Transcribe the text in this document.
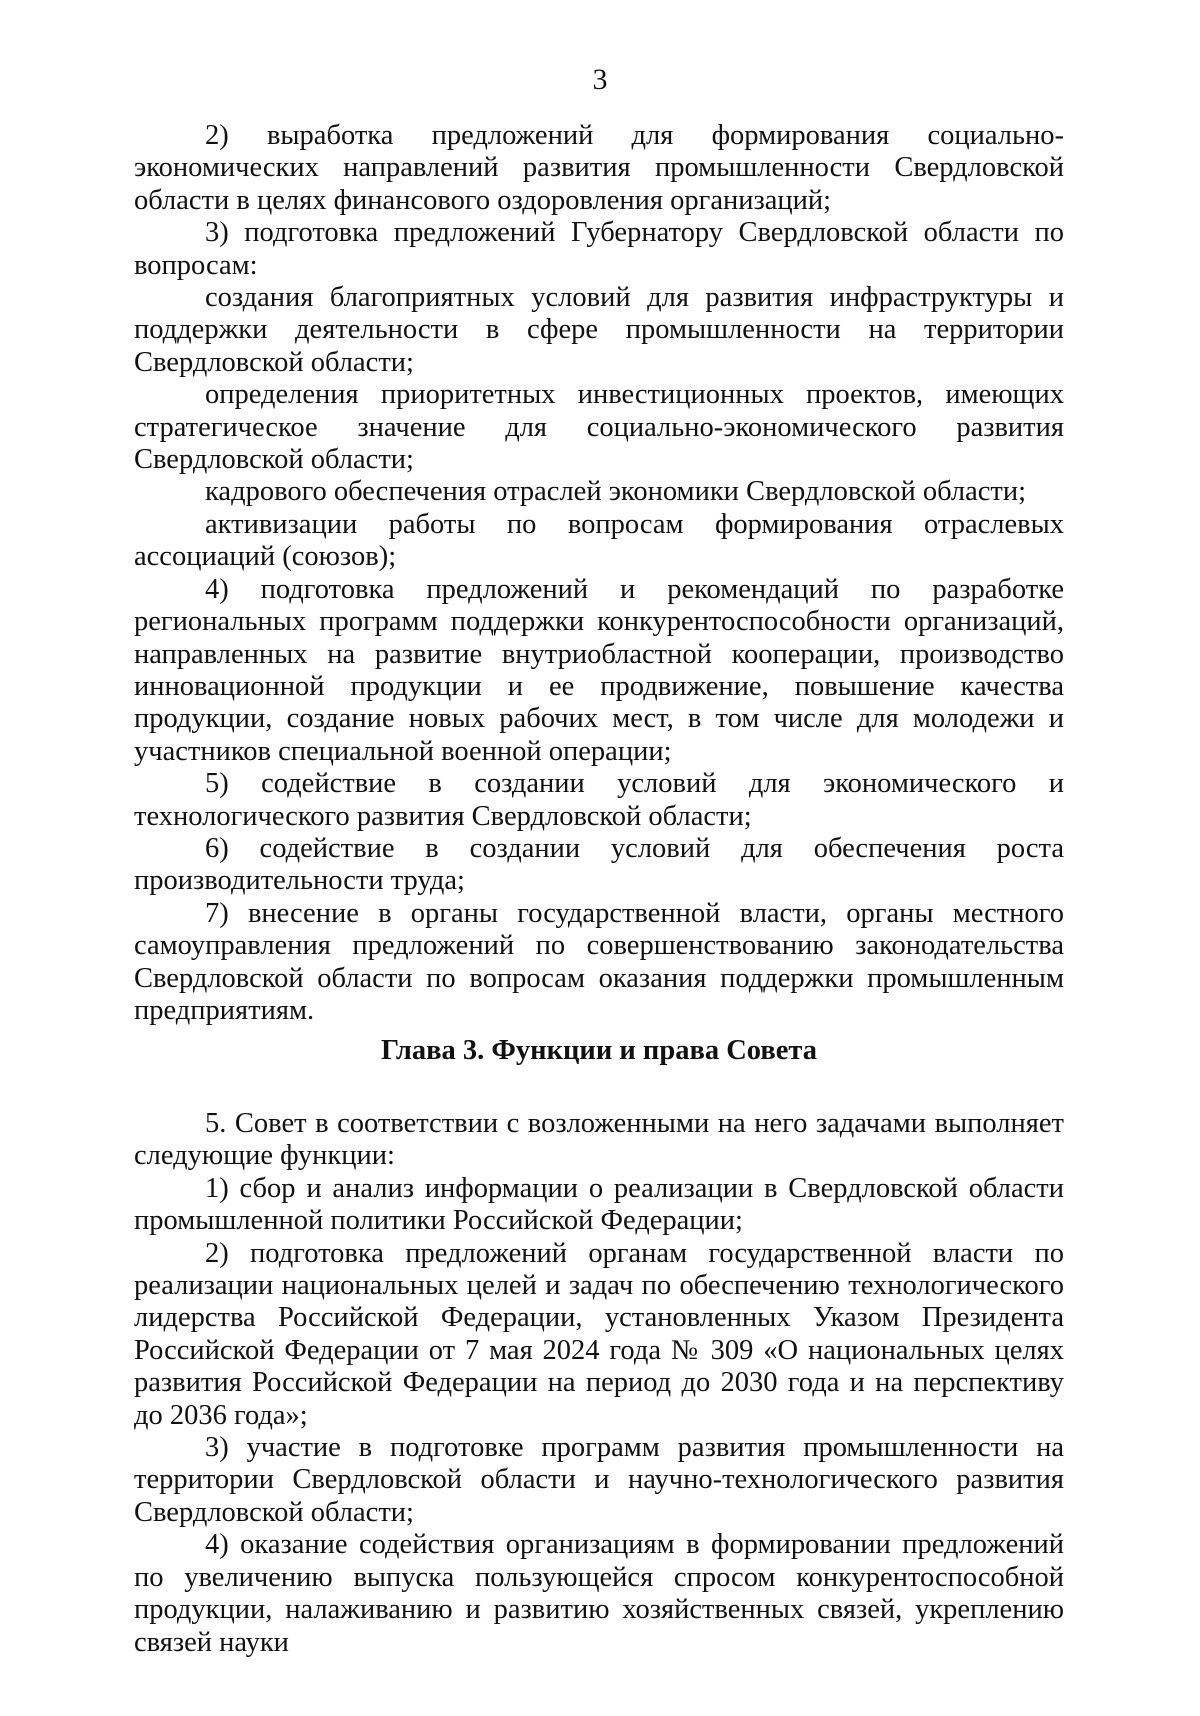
3

2) выработка предложений для формирования социально-экономических направлений развития промышленности Свердловской области в целях финансового оздоровления организаций;

3) подготовка предложений Губернатору Свердловской области по вопросам:

создания благоприятных условий для развития инфраструктуры и поддержки деятельности в сфере промышленности на территории Свердловской области;

определения приоритетных инвестиционных проектов, имеющих стратегическое значение для социально-экономического развития Свердловской области;

кадрового обеспечения отраслей экономики Свердловской области;

активизации работы по вопросам формирования отраслевых ассоциаций (союзов);

4) подготовка предложений и рекомендаций по разработке региональных программ поддержки конкурентоспособности организаций, направленных на развитие внутриобластной кооперации, производство инновационной продукции и ее продвижение, повышение качества продукции, создание новых рабочих мест, в том числе для молодежи и участников специальной военной операции;

5) содействие в создании условий для экономического и технологического развития Свердловской области;

6) содействие в создании условий для обеспечения роста производительности труда;

7) внесение в органы государственной власти, органы местного самоуправления предложений по совершенствованию законодательства Свердловской области по вопросам оказания поддержки промышленным предприятиям.

Глава 3. Функции и права Совета

5. Совет в соответствии с возложенными на него задачами выполняет следующие функции:

1) сбор и анализ информации о реализации в Свердловской области промышленной политики Российской Федерации;

2) подготовка предложений органам государственной власти по реализации национальных целей и задач по обеспечению технологического лидерства Российской Федерации, установленных Указом Президента Российской Федерации от 7 мая 2024 года № 309 «О национальных целях развития Российской Федерации на период до 2030 года и на перспективу до 2036 года»;

3) участие в подготовке программ развития промышленности на территории Свердловской области и научно-технологического развития Свердловской области;

4) оказание содействия организациям в формировании предложений по увеличению выпуска пользующейся спросом конкурентоспособной продукции, налаживанию и развитию хозяйственных связей, укреплению связей науки
